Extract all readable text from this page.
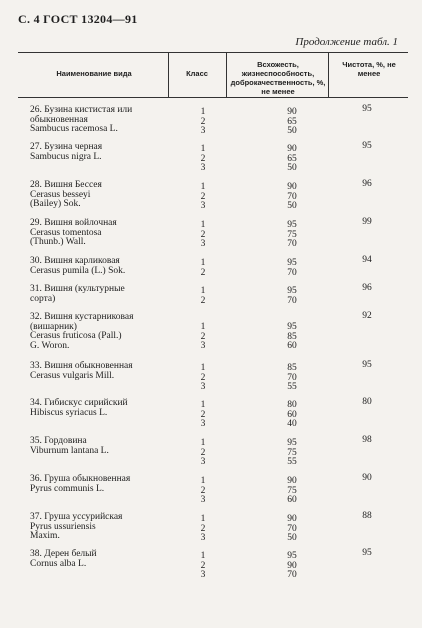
С. 4 ГОСТ 13204—91
Продолжение табл. 1
Наименование вида	Класс
Всхожесть, жизнеспособность, доброкачественность, %, не менее
Чистота, %, не менее
26. Бузина кистистая или
обыкновенная
Sambucus racemosa L.
1
2
3
90
65
50
95
27. Бузина черная
Sambucus nigra L.
1
2
3
90
65
50
95
28. Вишня Бессея
Cerasus besseyi
(Bailey) Sok.
1
2
3
90
70
50
96
29. Вишня войлочная
Cerasus tomentosa
(Thunb.) Wall.
1
2
3
95
75
70
99
30. Вишня карликовая
Cerasus pumila (L.) Sok.
1
2
95
70
94
31. Вишня (культурные
сорта)
1
2
95
70
96
32. Вишня кустарниковая
(вишарник)
Cerasus fruticosa (Pall.)
G. Woron.
1
2
3
95
85
60
92
33. Вишня обыкновенная
Cerasus vulgaris Mill.
1
2
3
85
70
55
95
34. Гибискус сирийский
Hibiscus syriacus L.
1
2
3
80
60
40
80
35. Гордовина
Viburnum lantana L.
1
2
3
95
75
55
98
36. Груша обыкновенная
Pyrus communis L.
1
2
3
90
75
60
90
37. Груша уссурийская
Pyrus ussuriensis
Maxim.
1
2
3
90
70
50
88
38. Дерен белый
Cornus alba L.
1
2
3
95
90
70
95
